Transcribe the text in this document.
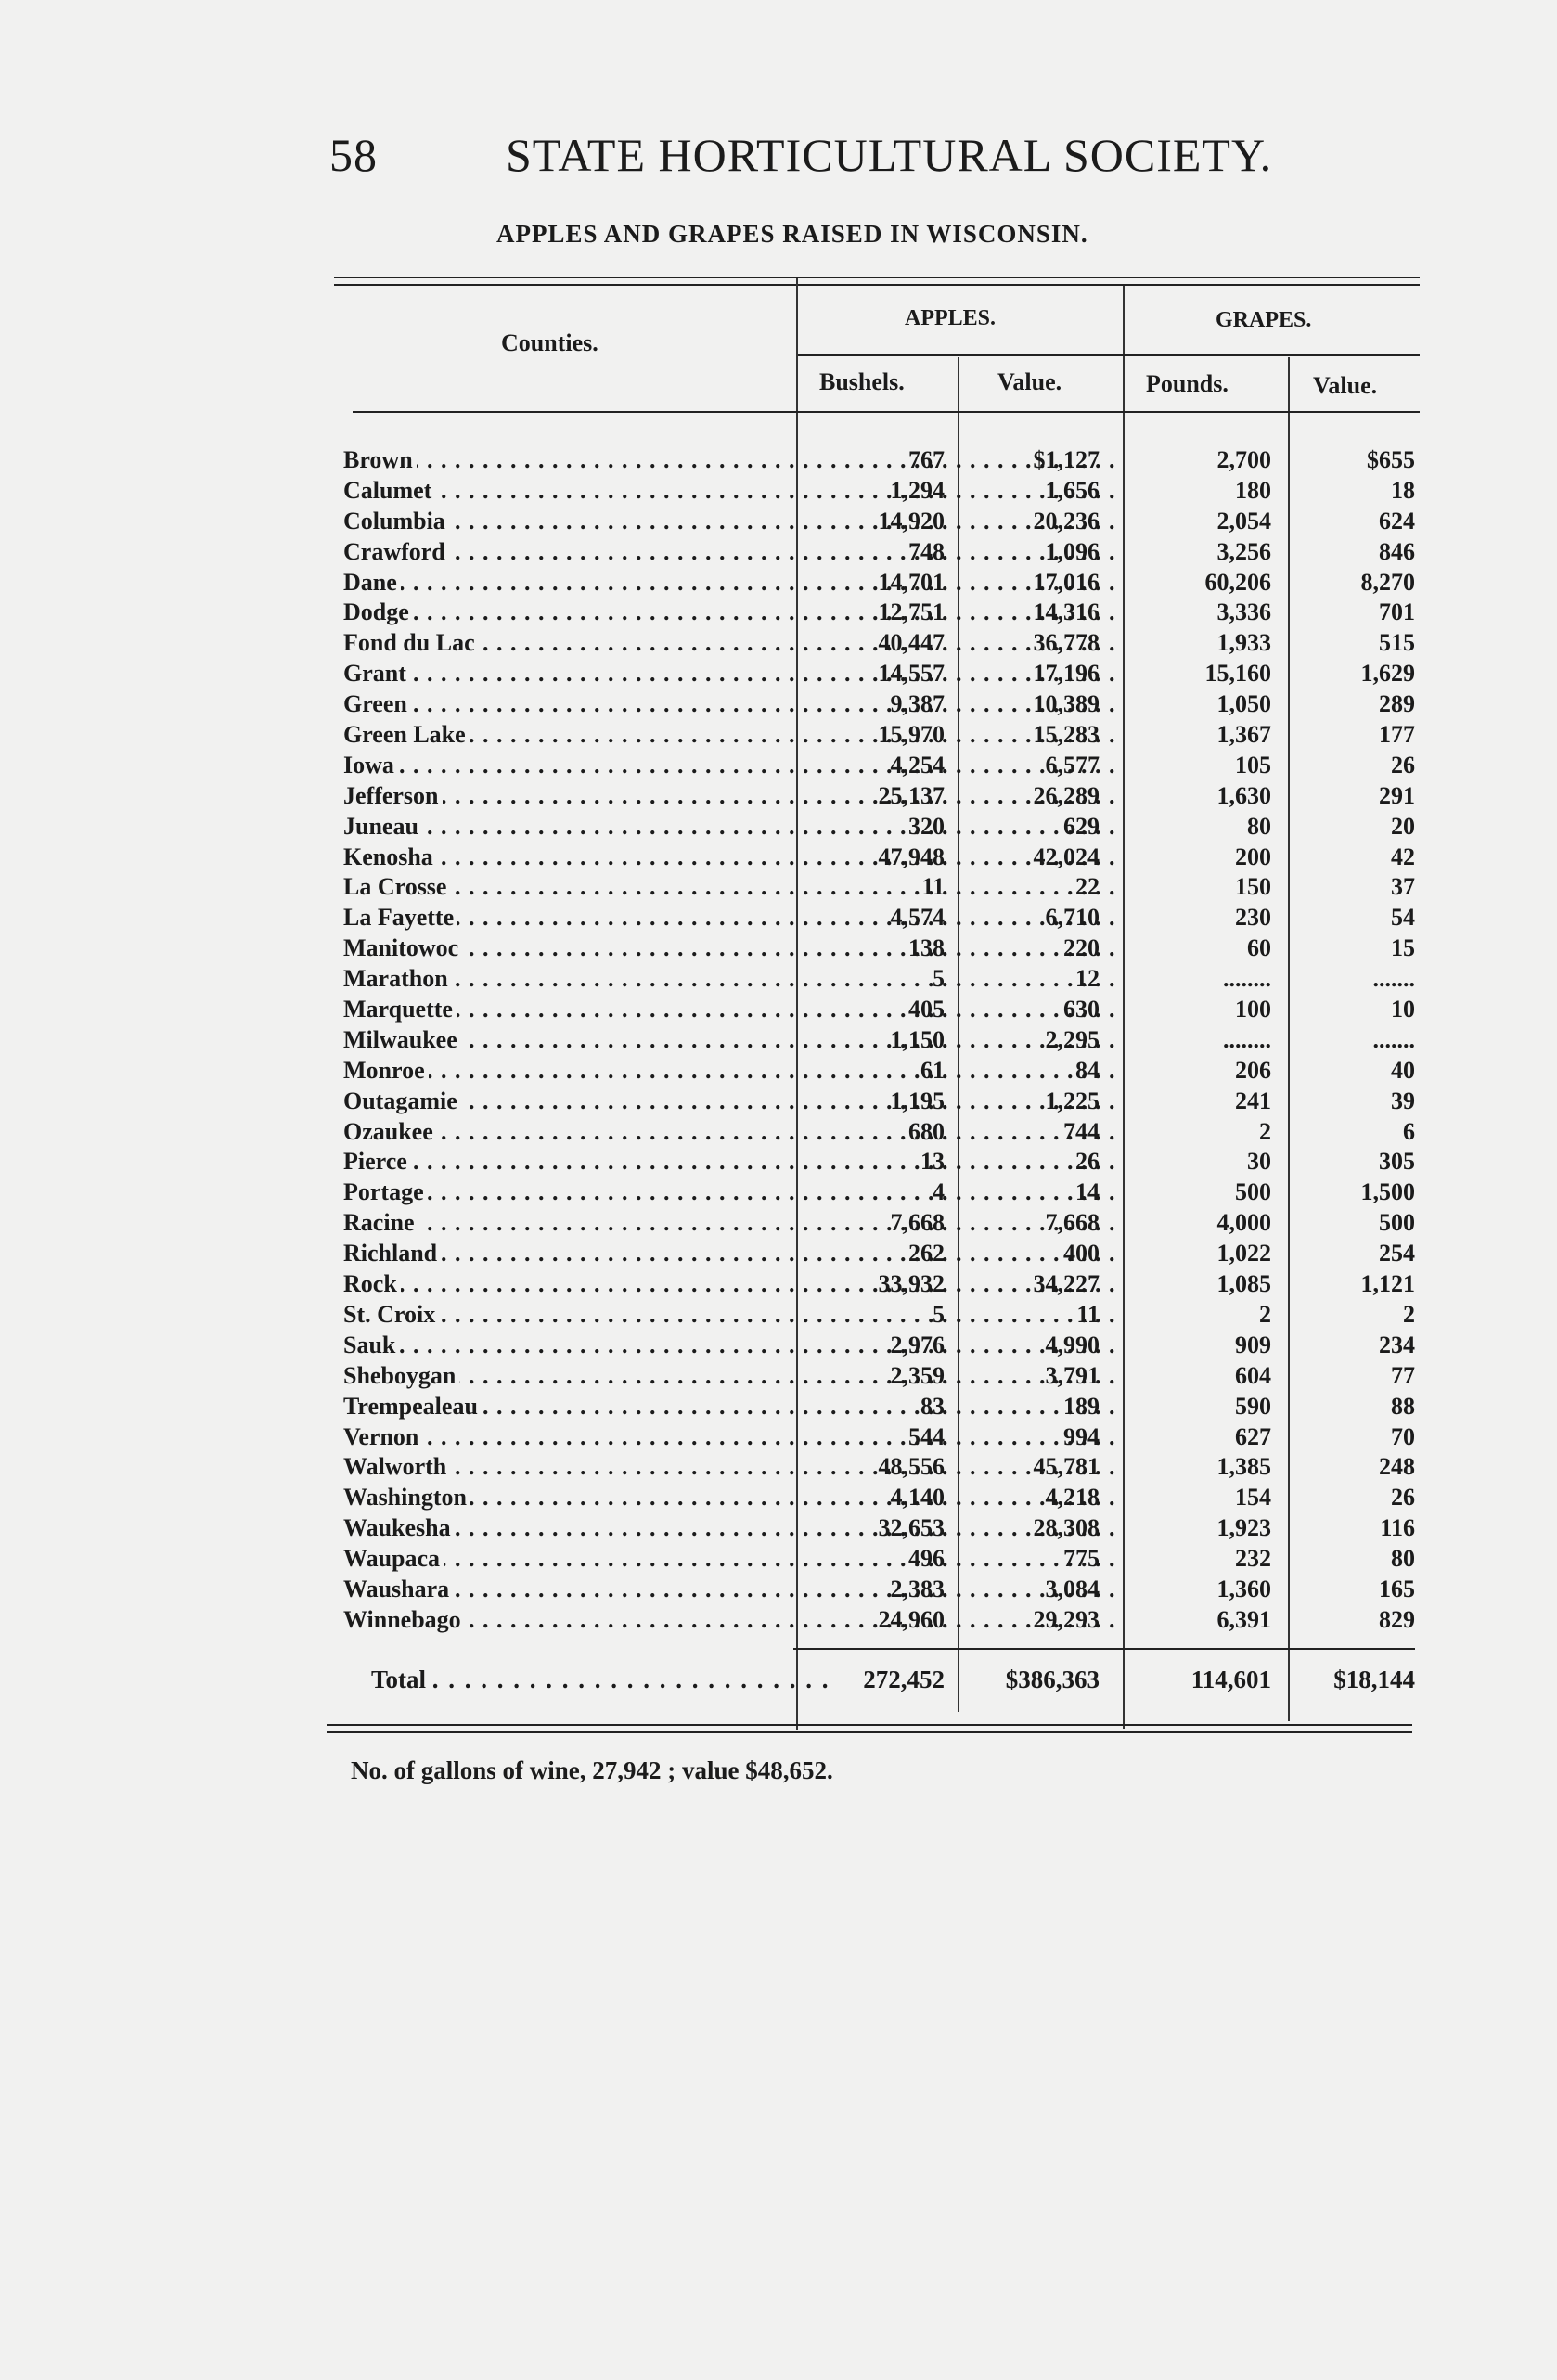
58	STATE HORTICULTURAL SOCIETY.
APPLES AND GRAPES RAISED IN WISCONSIN.
Counties.
APPLES.	GRAPES.
Bushels.	Value.	Pounds.	Value.
Brown . . .	767	$1,127	2,700	$655
Calumet . . .	1,294	1,656	180	18
Columbia . . .	14,920	20,236	2,054	624
Crawford . . .	748	1,096	3,256	846
Dane . . .	14,701	17,016	60,206	8,270
Dodge . . .	12,751	14,316	3,336	701
Fond du Lac . . .	40,447	36,778	1,933	515
Grant . . .	14,557	17,196	15,160	1,629
Green . . .	9,387	10,389	1,050	289
Green Lake . . .	15,970	15,283	1,367	177
Iowa . . .	4,254	6,577	105	26
Jefferson . . .	25,137	26,289	1,630	291
Juneau . . .	320	629	80	20
Kenosha . . .	47,948	42,024	200	42
La Crosse . . .	11	22	150	37
La Fayette . . .	4,574	6,710	230	54
Manitowoc . . .	138	220	60	15
Marathon . . .	5	12	........	.......
Marquette . . .	405	630	100	10
Milwaukee . . .	1,150	2,295	........	.......
Monroe . . .	61	84	206	40
Outagamie . . .	1,195	1,225	241	39
Ozaukee . . .	680	744	2	6
Pierce . . .	13	26	30	305
Portage . . .	4	14	500	1,500
Racine . . .	7,668	7,668	4,000	500
Richland . . .	262	400	1,022	254
Rock . . .	33,932	34,227	1,085	1,121
St. Croix . . .	5	11	2	2
Sauk . . .	2,976	4,990	909	234
Sheboygan . . .	2,359	3,791	604	77
Trempealeau . . .	83	189	590	88
Vernon . . .	544	994	627	70
Walworth . . .	48,556	45,781	1,385	248
Washington . . .	4,140	4,218	154	26
Waukesha . . .	32,653	28,308	1,923	116
Waupaca . . .	496	775	232	80
Waushara . . .	2,383	3,084	1,360	165
Winnebago . . .	24,960	29,293	6,391	829
Total . . . . . . . . . . . . . . . . . . . . . . . . .	272,452	$386,363	114,601	$18,144
No. of gallons of wine, 27,942 ; value $48,652.
